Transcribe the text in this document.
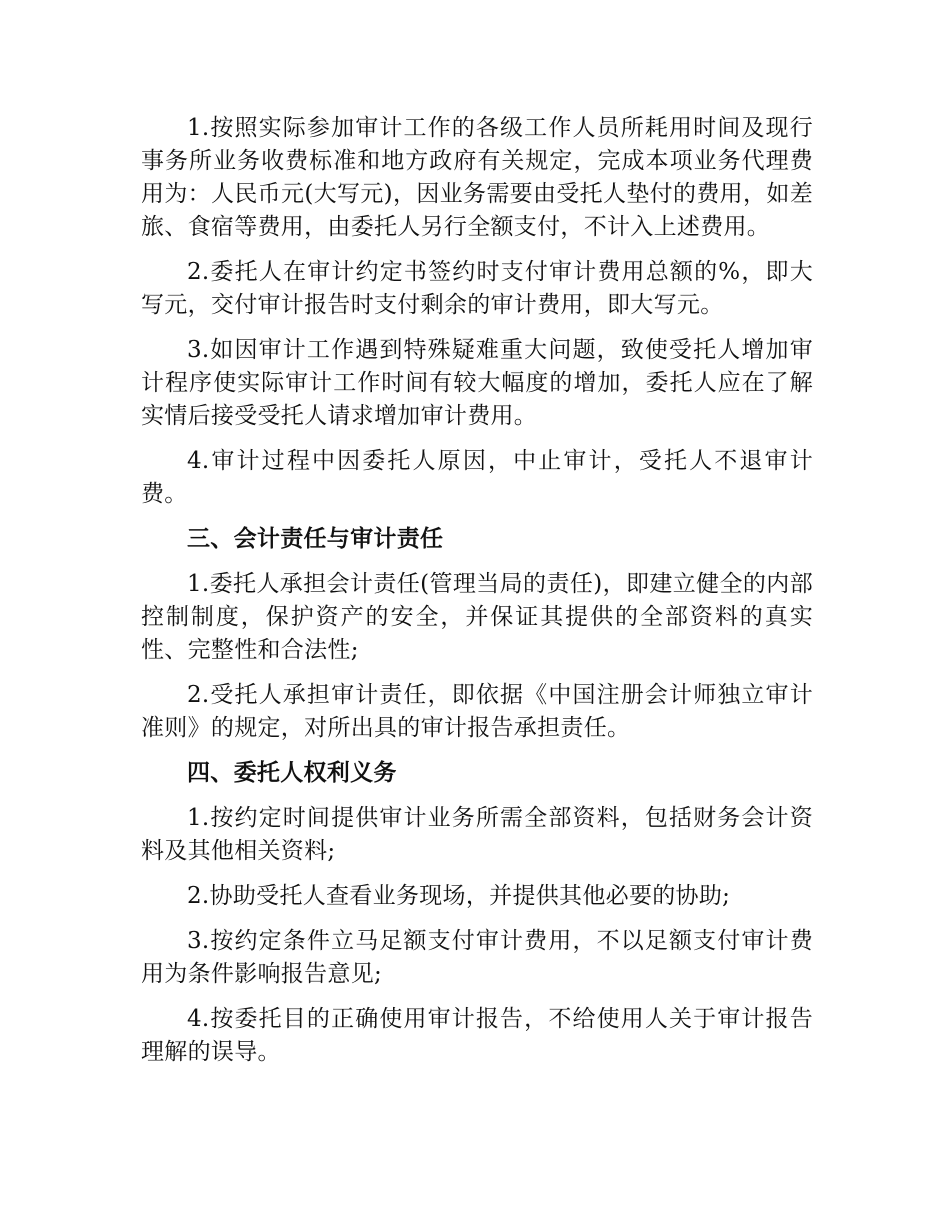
1.按照实际参加审计工作的各级工作人员所耗用时间及现行事务所业务收费标准和地方政府有关规定，完成本项业务代理费用为：人民币元(大写元)，因业务需要由受托人垫付的费用，如差旅、食宿等费用，由委托人另行全额支付，不计入上述费用。

2.委托人在审计约定书签约时支付审计费用总额的%，即大写元，交付审计报告时支付剩余的审计费用，即大写元。

3.如因审计工作遇到特殊疑难重大问题，致使受托人增加审计程序使实际审计工作时间有较大幅度的增加，委托人应在了解实情后接受受托人请求增加审计费用。

4.审计过程中因委托人原因，中止审计，受托人不退审计费。

三、会计责任与审计责任

1.委托人承担会计责任(管理当局的责任)，即建立健全的内部控制制度，保护资产的安全，并保证其提供的全部资料的真实性、完整性和合法性;

2.受托人承担审计责任，即依据《中国注册会计师独立审计准则》的规定，对所出具的审计报告承担责任。

四、委托人权利义务

1.按约定时间提供审计业务所需全部资料，包括财务会计资料及其他相关资料;

2.协助受托人查看业务现场，并提供其他必要的协助;

3.按约定条件立马足额支付审计费用，不以足额支付审计费用为条件影响报告意见;

4.按委托目的正确使用审计报告，不给使用人关于审计报告理解的误导。
